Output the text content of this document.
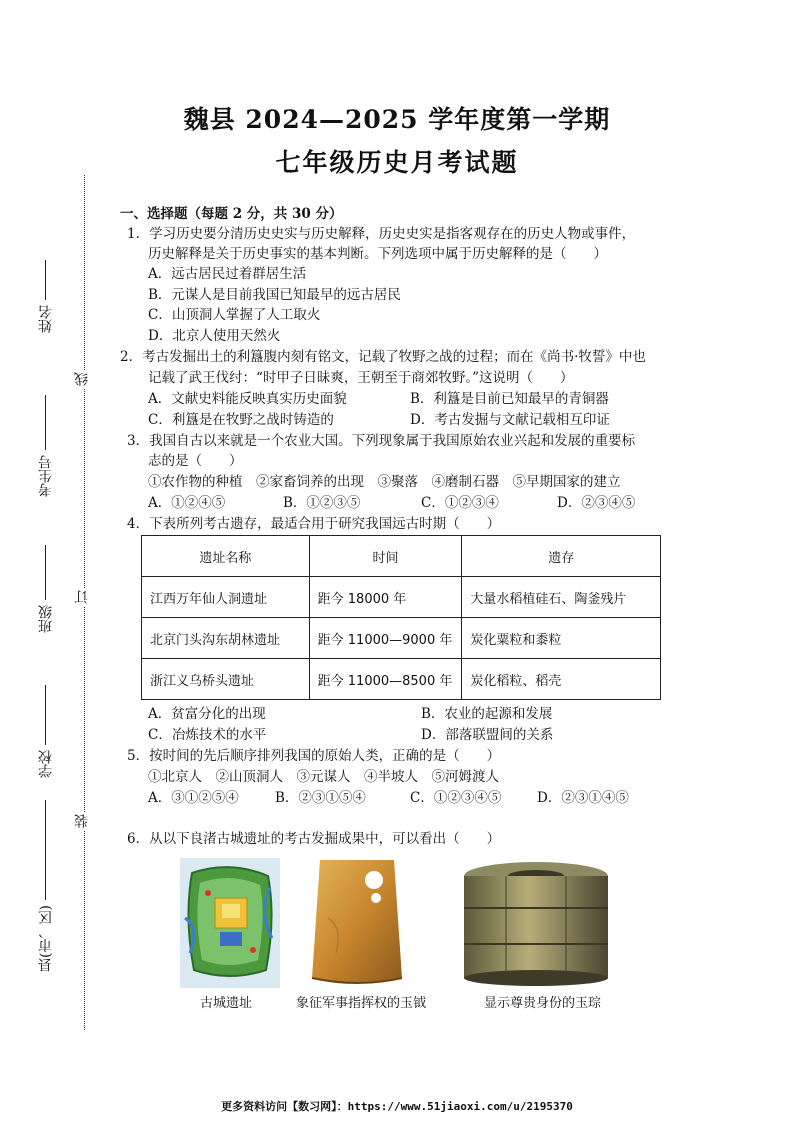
魏县 2024—2025 学年度第一学期
七年级历史月考试题
线
订
装
姓名
考生号
班级
学校
县(市、区)
一、选择题（每题 2 分，共 30 分）
1．学习历史要分清历史史实与历史解释，历史史实是指客观存在的历史人物或事件，
历史解释是关于历史事实的基本判断。下列选项中属于历史解释的是（　　）
A．远古居民过着群居生活
B．元谋人是目前我国已知最早的远古居民
C．山顶洞人掌握了人工取火
D．北京人使用天然火
2．考古发掘出土的利簋腹内刻有铭文，记载了牧野之战的过程；而在《尚书·牧誓》中也
记载了武王伐纣：“时甲子日昧爽，王朝至于商郊牧野。”这说明（　　）
A．文献史料能反映真实历史面貌	B．利簋是目前已知最早的青铜器
C．利簋是在牧野之战时铸造的	D．考古发掘与文献记载相互印证
3．我国自古以来就是一个农业大国。下列现象属于我国原始农业兴起和发展的重要标
志的是（　　）
①农作物的种植　②家畜饲养的出现　③聚落　④磨制石器　⑤早期国家的建立
A．①②④⑤	B．①②③⑤	C．①②③④	D．②③④⑤
4．下表所列考古遗存，最适合用于研究我国远古时期（　　）
遗址名称	时间	遗存
江西万年仙人洞遗址	距今 18000 年	大量水稻植硅石、陶釜残片
北京门头沟东胡林遗址	距今 11000—9000 年	炭化粟粒和黍粒
浙江义乌桥头遗址	距今 11000—8500 年	炭化稻粒、稻壳
A．贫富分化的出现	B．农业的起源和发展
C．冶炼技术的水平	D．部落联盟间的关系
5．按时间的先后顺序排列我国的原始人类，正确的是（　　）
①北京人　②山顶洞人　③元谋人　④半坡人　⑤河姆渡人
A．③①②⑤④	B．②③①⑤④	C．①②③④⑤	D．②③①④⑤
6．从以下良渚古城遗址的考古发掘成果中，可以看出（　　）
古城遗址	象征军事指挥权的玉钺	显示尊贵身份的玉琮
更多资料访问【数习网】：https://www.51jiaoxi.com/u/2195370
